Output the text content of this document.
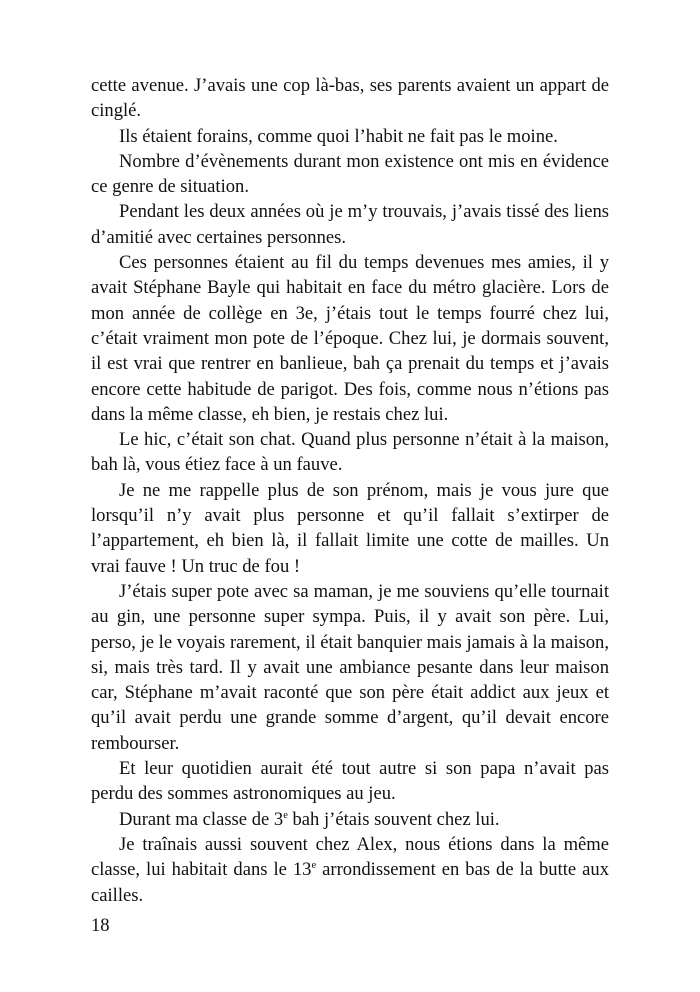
cette avenue. J’avais une cop là-bas, ses parents avaient un appart de cinglé.

Ils étaient forains, comme quoi l’habit ne fait pas le moine.

Nombre d’évènements durant mon existence ont mis en évidence ce genre de situation.

Pendant les deux années où je m’y trouvais, j’avais tissé des liens d’amitié avec certaines personnes.

Ces personnes étaient au fil du temps devenues mes amies, il y avait Stéphane Bayle qui habitait en face du métro glacière. Lors de mon année de collège en 3e, j’étais tout le temps fourré chez lui, c’était vraiment mon pote de l’époque. Chez lui, je dormais souvent, il est vrai que rentrer en banlieue, bah ça prenait du temps et j’avais encore cette habitude de parigot. Des fois, comme nous n’étions pas dans la même classe, eh bien, je restais chez lui.

Le hic, c’était son chat. Quand plus personne n’était à la maison, bah là, vous étiez face à un fauve.

Je ne me rappelle plus de son prénom, mais je vous jure que lorsqu’il n’y avait plus personne et qu’il fallait s’extirper de l’appartement, eh bien là, il fallait limite une cotte de mailles. Un vrai fauve ! Un truc de fou !

J’étais super pote avec sa maman, je me souviens qu’elle tournait au gin, une personne super sympa. Puis, il y avait son père. Lui, perso, je le voyais rarement, il était banquier mais jamais à la maison, si, mais très tard. Il y avait une ambiance pesante dans leur maison car, Stéphane m’avait raconté que son père était addict aux jeux et qu’il avait perdu une grande somme d’argent, qu’il devait encore rembourser.

Et leur quotidien aurait été tout autre si son papa n’avait pas perdu des sommes astronomiques au jeu.

Durant ma classe de 3e bah j’étais souvent chez lui.

Je traînais aussi souvent chez Alex, nous étions dans la même classe, lui habitait dans le 13e arrondissement en bas de la butte aux cailles.

18
